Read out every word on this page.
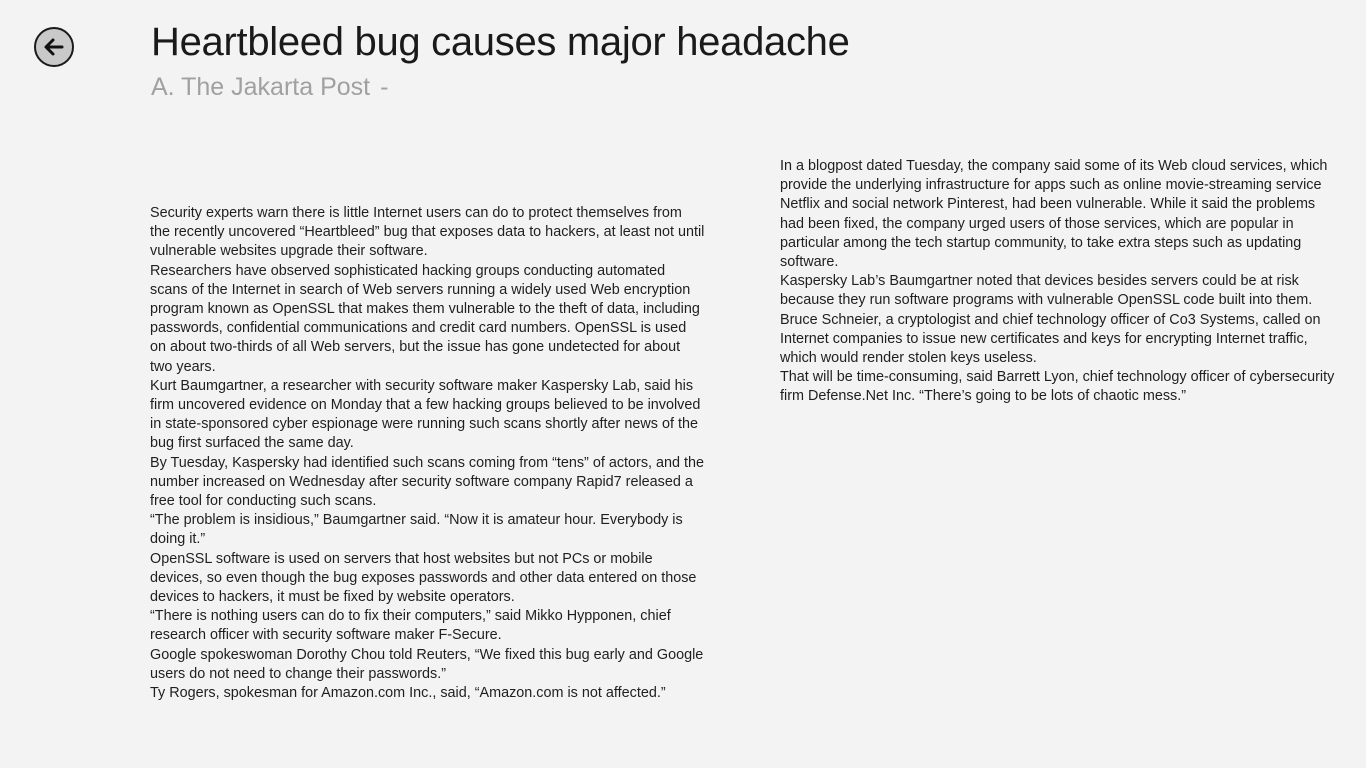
Heartbleed bug causes major headache
A. The Jakarta Post -

Security experts warn there is little Internet users can do to protect themselves from the recently uncovered “Heartbleed” bug that exposes data to hackers, at least not until vulnerable websites upgrade their software.

Researchers have observed sophisticated hacking groups conducting automated scans of the Internet in search of Web servers running a widely used Web encryption program known as OpenSSL that makes them vulnerable to the theft of data, including passwords, confidential communications and credit card numbers. OpenSSL is used on about two-thirds of all Web servers, but the issue has gone undetected for about two years.

Kurt Baumgartner, a researcher with security software maker Kaspersky Lab, said his firm uncovered evidence on Monday that a few hacking groups believed to be involved in state-sponsored cyber espionage were running such scans shortly after news of the bug first surfaced the same day.

By Tuesday, Kaspersky had identified such scans coming from “tens” of actors, and the number increased on Wednesday after security software company Rapid7 released a free tool for conducting such scans.

“The problem is insidious,” Baumgartner said. “Now it is amateur hour. Everybody is doing it.”

OpenSSL software is used on servers that host websites but not PCs or mobile devices, so even though the bug exposes passwords and other data entered on those devices to hackers, it must be fixed by website operators.

“There is nothing users can do to fix their computers,” said Mikko Hypponen, chief research officer with security software maker F-Secure.

Google spokeswoman Dorothy Chou told Reuters, “We fixed this bug early and Google users do not need to change their passwords.”

Ty Rogers, spokesman for Amazon.com Inc., said, “Amazon.com is not affected.”

In a blogpost dated Tuesday, the company said some of its Web cloud services, which provide the underlying infrastructure for apps such as online movie-streaming service Netflix and social network Pinterest, had been vulnerable. While it said the problems had been fixed, the company urged users of those services, which are popular in particular among the tech startup community, to take extra steps such as updating software.

Kaspersky Lab’s Baumgartner noted that devices besides servers could be at risk because they run software programs with vulnerable OpenSSL code built into them.

Bruce Schneier, a cryptologist and chief technology officer of Co3 Systems, called on Internet companies to issue new certificates and keys for encrypting Internet traffic, which would render stolen keys useless.

That will be time-consuming, said Barrett Lyon, chief technology officer of cybersecurity firm Defense.Net Inc. “There’s going to be lots of chaotic mess.”
